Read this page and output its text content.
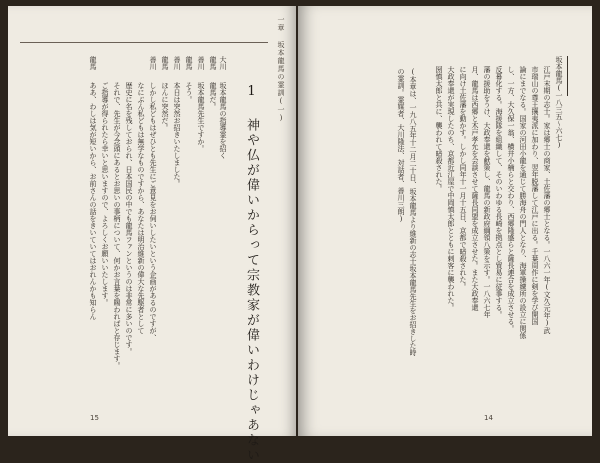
一章 坂本龍馬の霊訓(一)
1 神や仏が偉いからって宗教家が偉いわけじゃあない
大川
坂本龍馬の指導霊を招く
龍馬
龍馬だ。
善川
坂本龍馬先生ですか。
龍馬
そう。
善川
本日は突然お招きいたしました。
龍馬
ほんに突然だ。
善川
しかし私どもはぜひとも先生にご意見をお伺いしたいという企画があるのですが、
なにぶん私どもは無学なものですから、あなたは明治維新の偉大な先駆者として
歴史に名を残しておられ、日本国民の中でも龍馬ファンというのは非常に多いのです。
それで、先生が今念頭にあるとお思いの事柄について、何かお言葉を賜わればと存じます。
ご指導が得られたら幸いと思いますので、よろしくお願いいたします。
龍馬
ああ、わしは気が短いから、お前さんの話をきいていてはおれんかも知らん
15
坂本龍馬(一八三五〜六七)
江戸末期の志士。家は郷士の商家、土佐藩の郷士となる。一八六一年(文久元年)武
市瑞山の尊王攘夷派に加わり、翌年脱藩して江戸に出る。千葉周作に剣を学び開国
論にまでなる。国家の河田小龍を通じて勝海舟の門人となり、海軍操練所の設立に関係
し、一方、大久保一翁、横井小楠らと交わり、西郷隆盛らと薩長連合を成立させる。
反幕化する。海援隊を組織して、そのいわゆる長崎を拠点とし貿易に従事する。
藩の援助をうけ、大政奉還を献策し、龍馬の新政府綱領八策を示す。一八六七年
月、龍馬は西郷と木戸孝允を会談させて薩長同盟を成立させた。また大政奉還
に向け土佐藩を動かす。しかし同年十一月十五日、京都で暗殺された。
大政奉還が実現したのち、京都近江屋で中岡慎太郎とともに刺客に襲われた。
圀慎太郎と共に、襲われて暗殺された。
(本章は、一九八五年十二月二十日、坂本龍馬より維新の志士坂本龍馬先生をお招きした時
の霊訓。霊媒者、大川隆法、対話者、善川三朗)
14
